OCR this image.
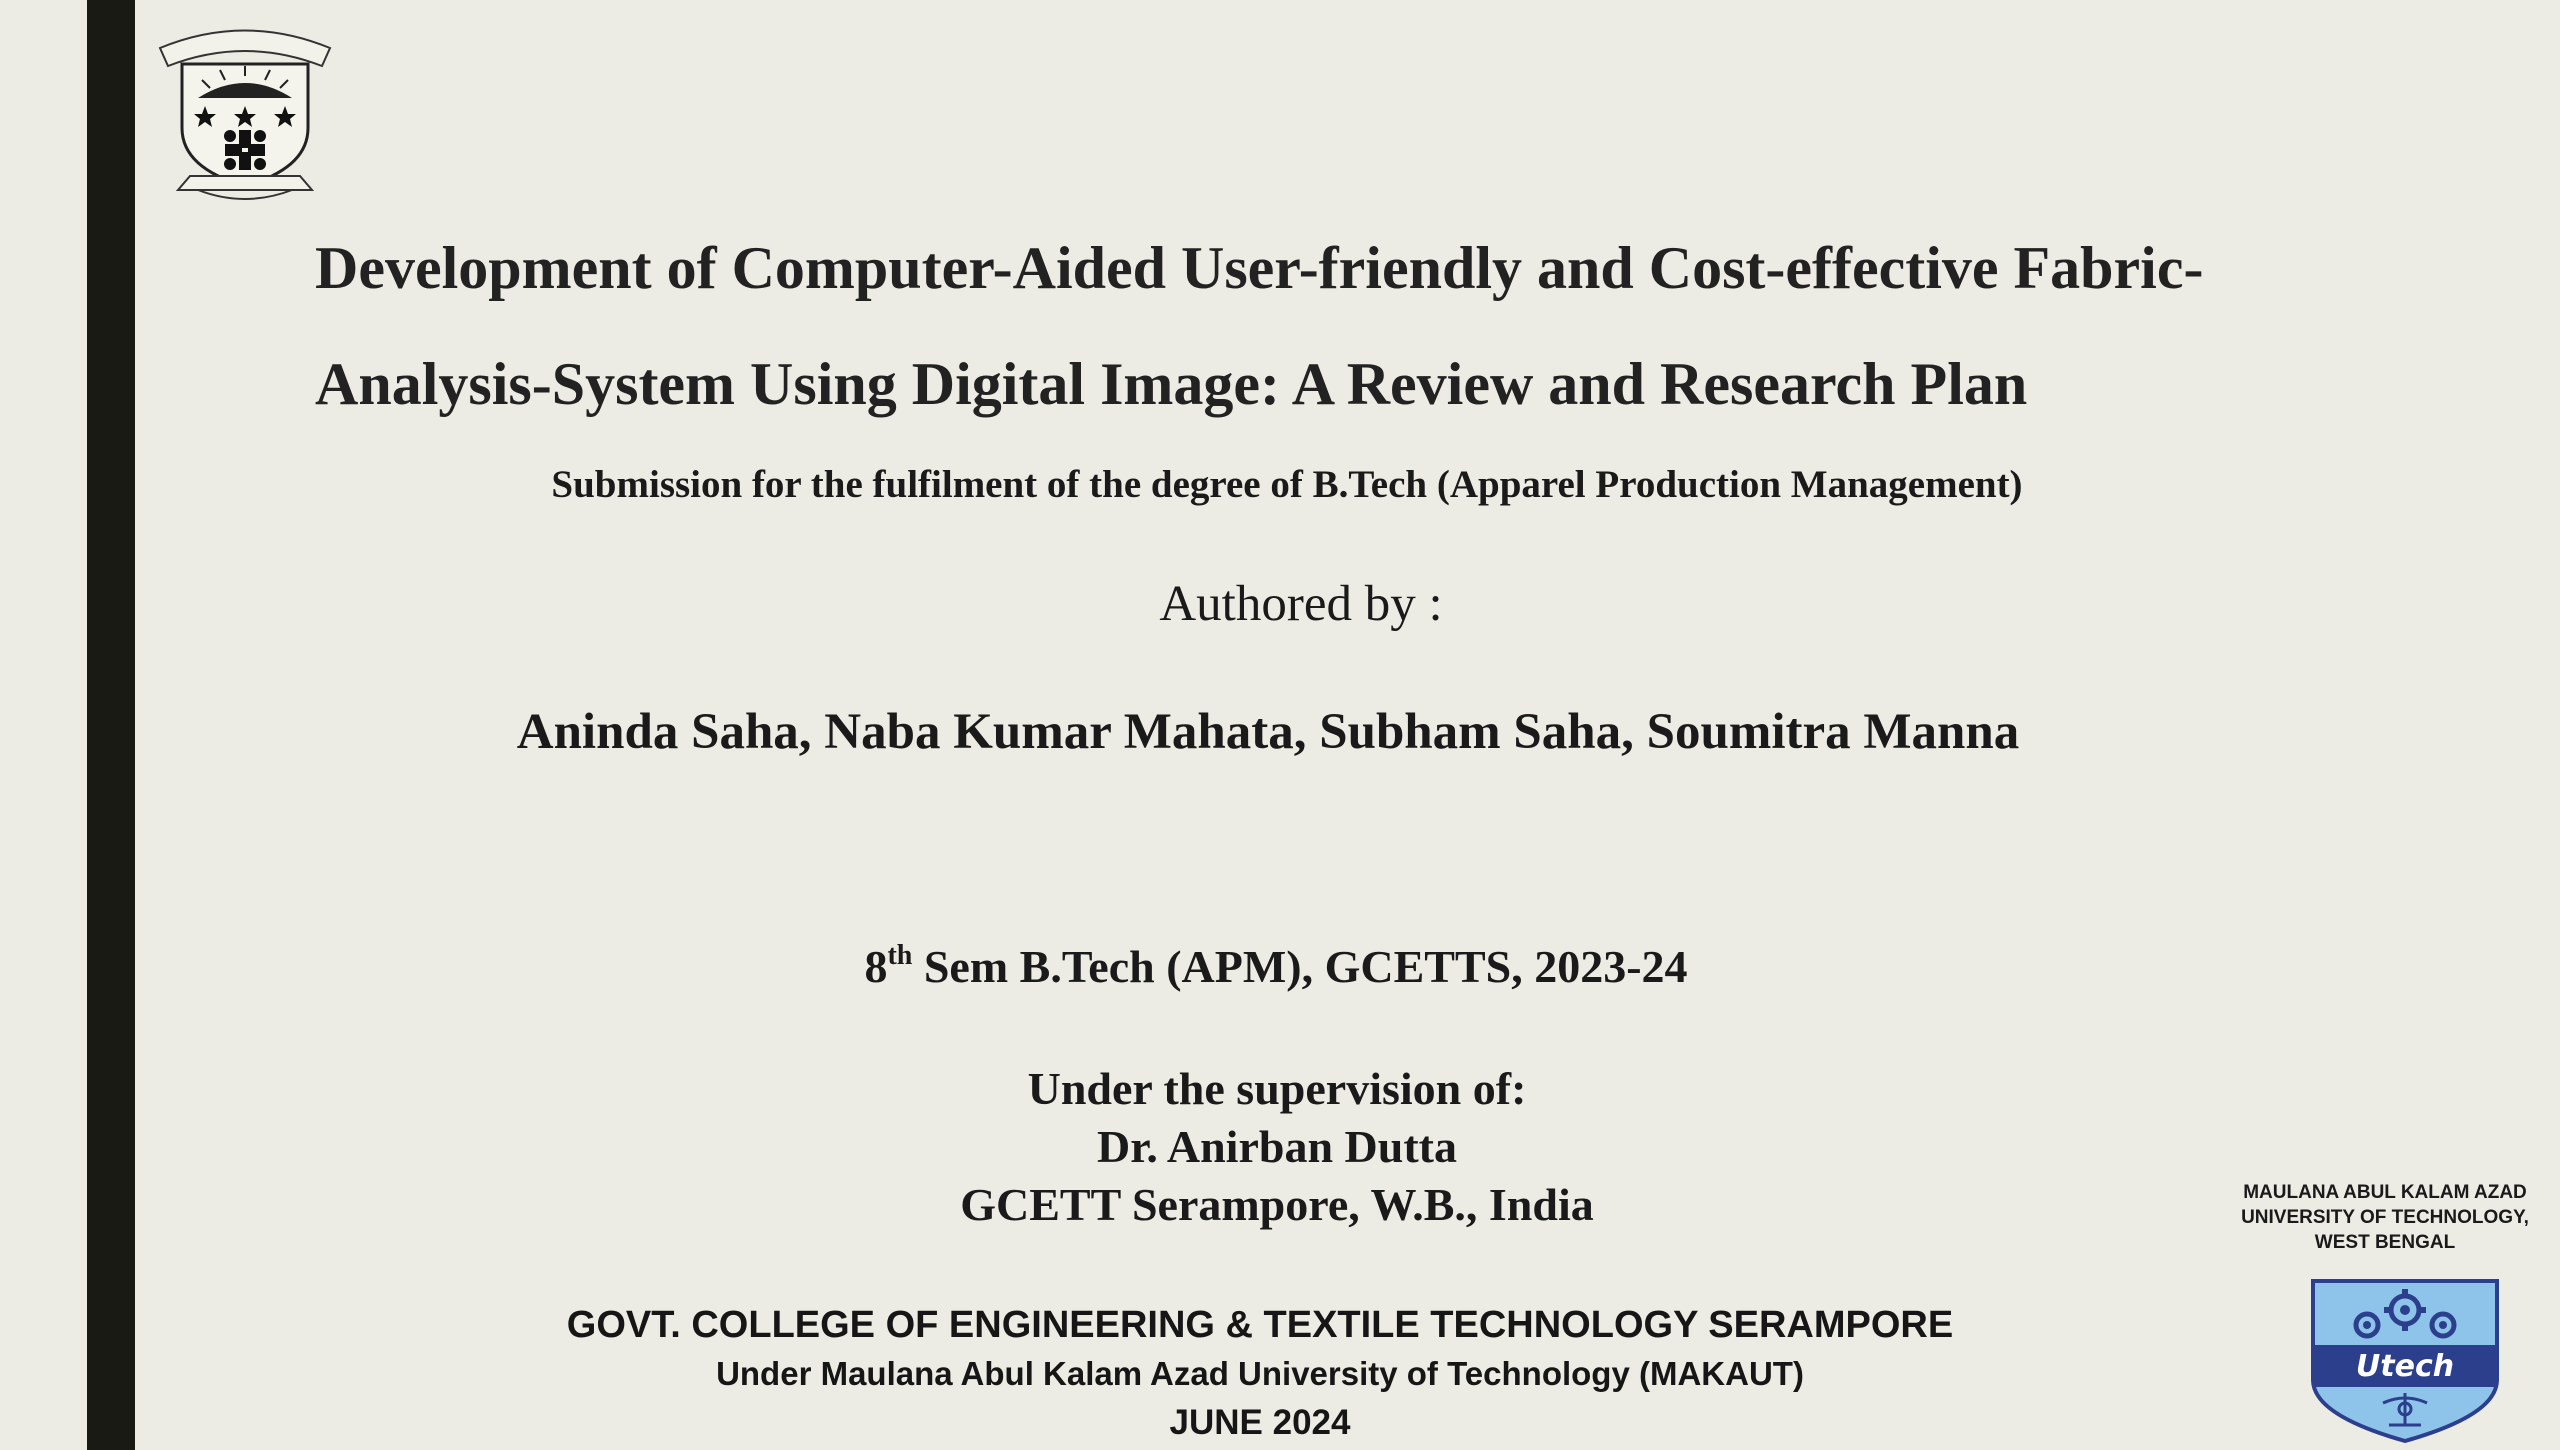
Development of Computer-Aided User-friendly and Cost-effective Fabric-
Analysis-System Using Digital Image: A Review and Research Plan
Submission for the fulfilment of the degree of B.Tech (Apparel Production Management)
Authored by :
Aninda Saha, Naba Kumar Mahata, Subham Saha, Soumitra Manna
8th Sem B.Tech (APM), GCETTS, 2023-24
Under the supervision of:
Dr. Anirban Dutta
GCETT Serampore, W.B., India
GOVT. COLLEGE OF ENGINEERING & TEXTILE TECHNOLOGY SERAMPORE
Under Maulana Abul Kalam Azad University of Technology (MAKAUT)
JUNE 2024
MAULANA ABUL KALAM AZAD
UNIVERSITY OF TECHNOLOGY,
WEST BENGAL
Utech
